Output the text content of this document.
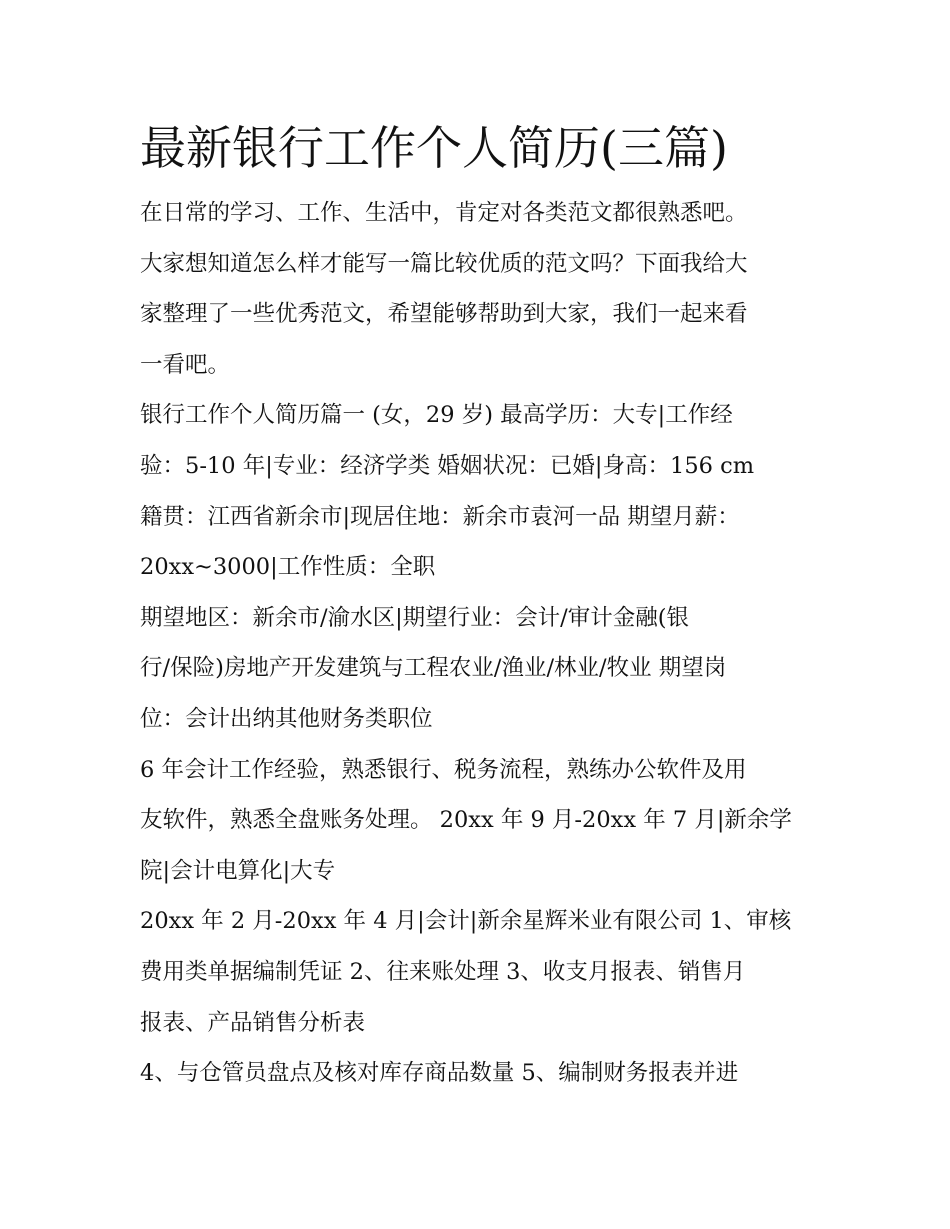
最新银行工作个人简历(三篇)
在日常的学习、工作、生活中，肯定对各类范文都很熟悉吧。
大家想知道怎么样才能写一篇比较优质的范文吗？下面我给大
家整理了一些优秀范文，希望能够帮助到大家，我们一起来看
一看吧。
银行工作个人简历篇一 (女，29 岁) 最高学历：大专|工作经
验：5-10 年|专业：经济学类 婚姻状况：已婚|身高：156 cm
籍贯：江西省新余市|现居住地：新余市袁河一品 期望月薪：
20xx~3000|工作性质：全职
期望地区：新余市/渝水区|期望行业：会计/审计金融(银
行/保险)房地产开发建筑与工程农业/渔业/林业/牧业 期望岗
位：会计出纳其他财务类职位
6 年会计工作经验，熟悉银行、税务流程，熟练办公软件及用
友软件，熟悉全盘账务处理。 20xx 年 9 月-20xx 年 7 月|新余学
院|会计电算化|大专
20xx 年 2 月-20xx 年 4 月|会计|新余星辉米业有限公司 1、审核
费用类单据编制凭证 2、往来账处理 3、收支月报表、销售月
报表、产品销售分析表
4、与仓管员盘点及核对库存商品数量 5、编制财务报表并进
